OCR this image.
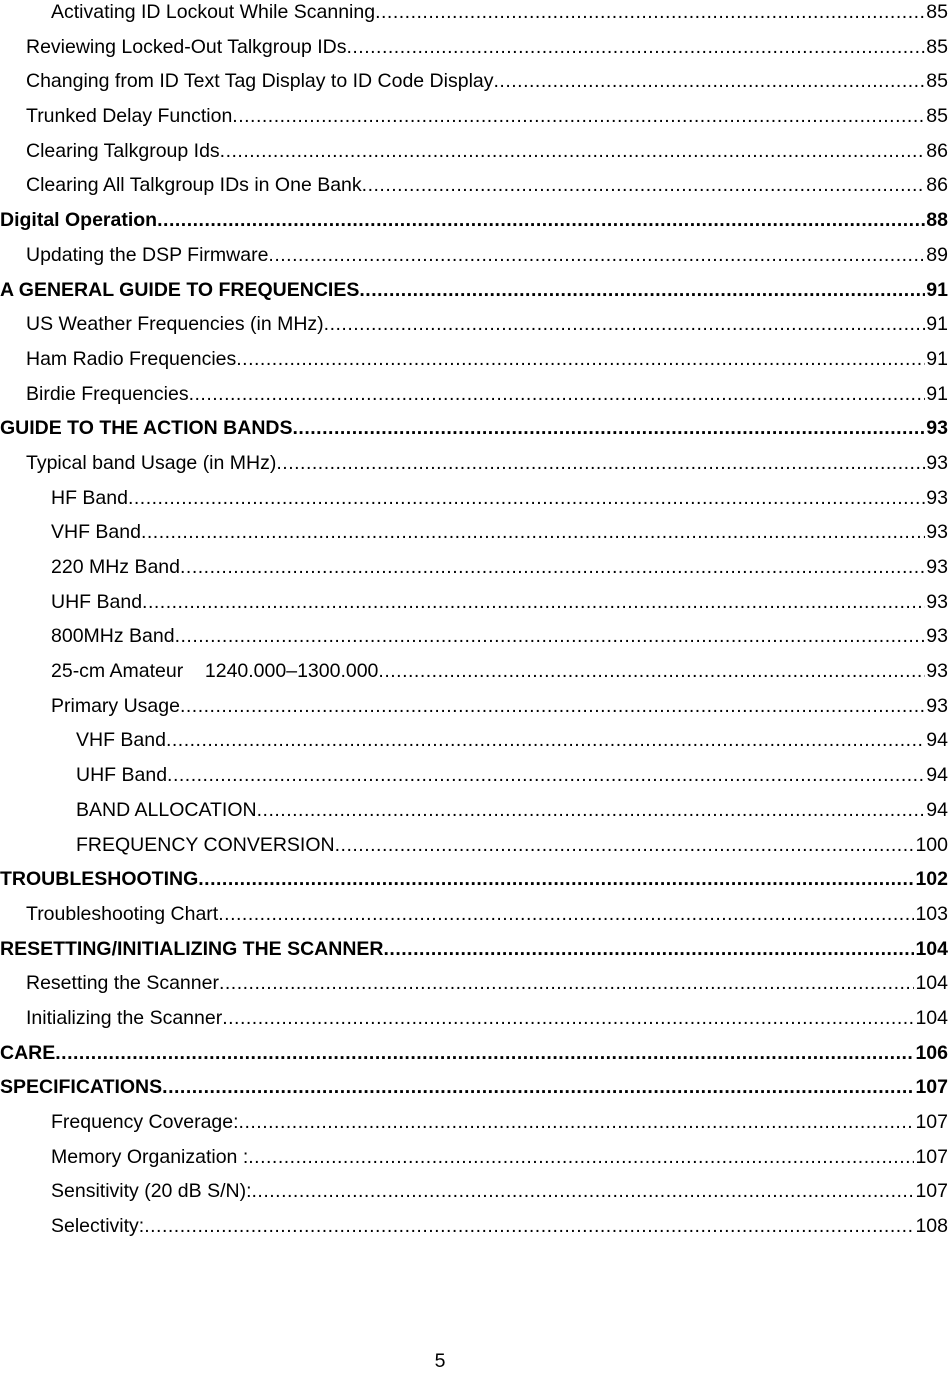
Activating ID Lockout While Scanning .....	85
Reviewing Locked-Out Talkgroup IDs .....	85
Changing from ID Text Tag Display to ID Code Display .....	85
Trunked Delay Function .....	85
Clearing Talkgroup Ids .....	86
Clearing All Talkgroup IDs in One Bank .....	86
Digital Operation .....	88
Updating the DSP Firmware .....	89
A GENERAL GUIDE TO FREQUENCIES .....	91
US Weather Frequencies (in MHz) .....	91
Ham Radio Frequencies .....	91
Birdie Frequencies .....	91
GUIDE TO THE ACTION BANDS .....	93
Typical band Usage (in MHz) .....	93
HF Band .....	93
VHF Band .....	93
220 MHz Band .....	93
UHF Band .....	93
800MHz Band .....	93
25-cm Amateur    1240.000–1300.000 .....	93
Primary Usage .....	93
VHF Band .....	94
UHF Band .....	94
BAND ALLOCATION .....	94
FREQUENCY CONVERSION .....	100
TROUBLESHOOTING .....	102
Troubleshooting Chart .....	103
RESETTING/INITIALIZING THE SCANNER .....	104
Resetting the Scanner .....	104
Initializing the Scanner .....	104
CARE .....	106
SPECIFICATIONS .....	107
Frequency Coverage: .....	107
Memory Organization : .....	107
Sensitivity (20 dB S/N): .....	107
Selectivity: .....	108
5
